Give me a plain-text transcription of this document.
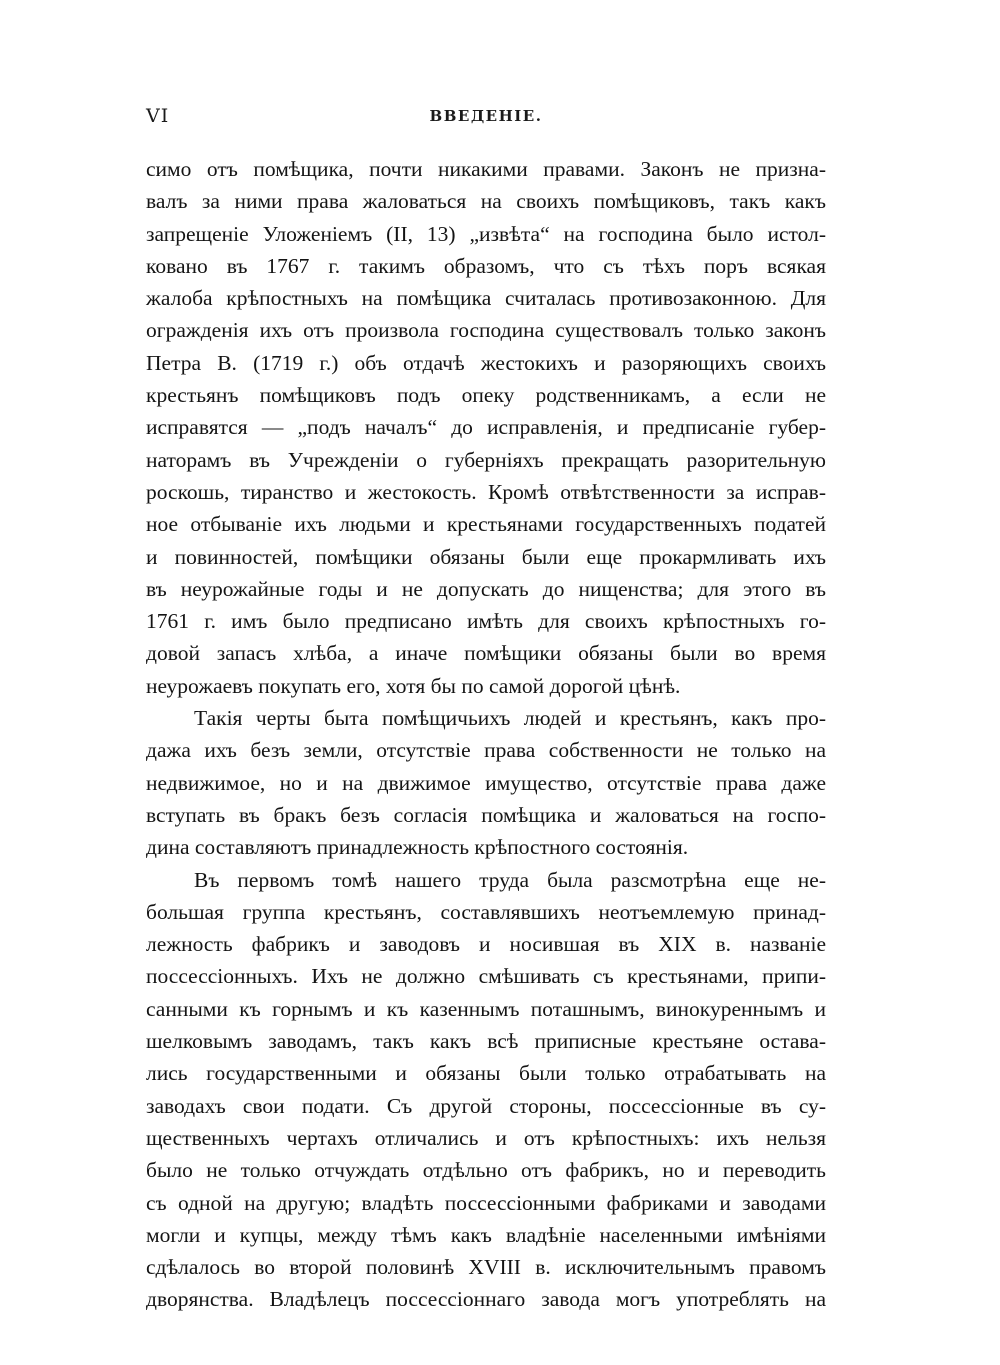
VI	ВВЕДЕНІЕ.
симо отъ помѣщика, почти никакими правами. Законъ не призна-
валъ за ними права жаловаться на своихъ помѣщиковъ, такъ какъ
запрещеніе Уложеніемъ (II, 13) „извѣта“ на господина было истол-
ковано въ 1767 г. такимъ образомъ, что съ тѣхъ поръ всякая
жалоба крѣпостныхъ на помѣщика считалась противозаконною. Для
огражденія ихъ отъ произвола господина существовалъ только законъ
Петра В. (1719 г.) объ отдачѣ жестокихъ и разоряющихъ своихъ
крестьянъ помѣщиковъ подъ опеку родственникамъ, а если не
исправятся — „подъ началъ“ до исправленія, и предписаніе губер-
наторамъ въ Учрежденіи о губерніяхъ прекращать разорительную
роскошь, тиранство и жестокость. Кромѣ отвѣтственности за исправ-
ное отбываніе ихъ людьми и крестьянами государственныхъ податей
и повинностей, помѣщики обязаны были еще прокармливать ихъ
въ неурожайные годы и не допускать до нищенства; для этого въ
1761 г. имъ было предписано имѣть для своихъ крѣпостныхъ го-
довой запасъ хлѣба, а иначе помѣщики обязаны были во время
неурожаевъ покупать его, хотя бы по самой дорогой цѣнѣ.
Такія черты быта помѣщичьихъ людей и крестьянъ, какъ про-
дажа ихъ безъ земли, отсутствіе права собственности не только на
недвижимое, но и на движимое имущество, отсутствіе права даже
вступать въ бракъ безъ согласія помѣщика и жаловаться на госпо-
дина составляютъ принадлежность крѣпостного состоянія.
Въ первомъ томѣ нашего труда была разсмотрѣна еще не-
большая группа крестьянъ, составлявшихъ неотъемлемую принад-
лежность фабрикъ и заводовъ и носившая въ XIX в. названіе
поссессіонныхъ. Ихъ не должно смѣшивать съ крестьянами, припи-
санными къ горнымъ и къ казеннымъ поташнымъ, винокуреннымъ и
шелковымъ заводамъ, такъ какъ всѣ приписные крестьяне остава-
лись государственными и обязаны были только отрабатывать на
заводахъ свои подати. Съ другой стороны, поссессіонные въ су-
щественныхъ чертахъ отличались и отъ крѣпостныхъ: ихъ нельзя
было не только отчуждать отдѣльно отъ фабрикъ, но и переводить
съ одной на другую; владѣть поссессіонными фабриками и заводами
могли и купцы, между тѣмъ какъ владѣніе населенными имѣніями
сдѣлалось во второй половинѣ XVIII в. исключительнымъ правомъ
дворянства. Владѣлецъ поссессіоннаго завода могъ употреблять на
